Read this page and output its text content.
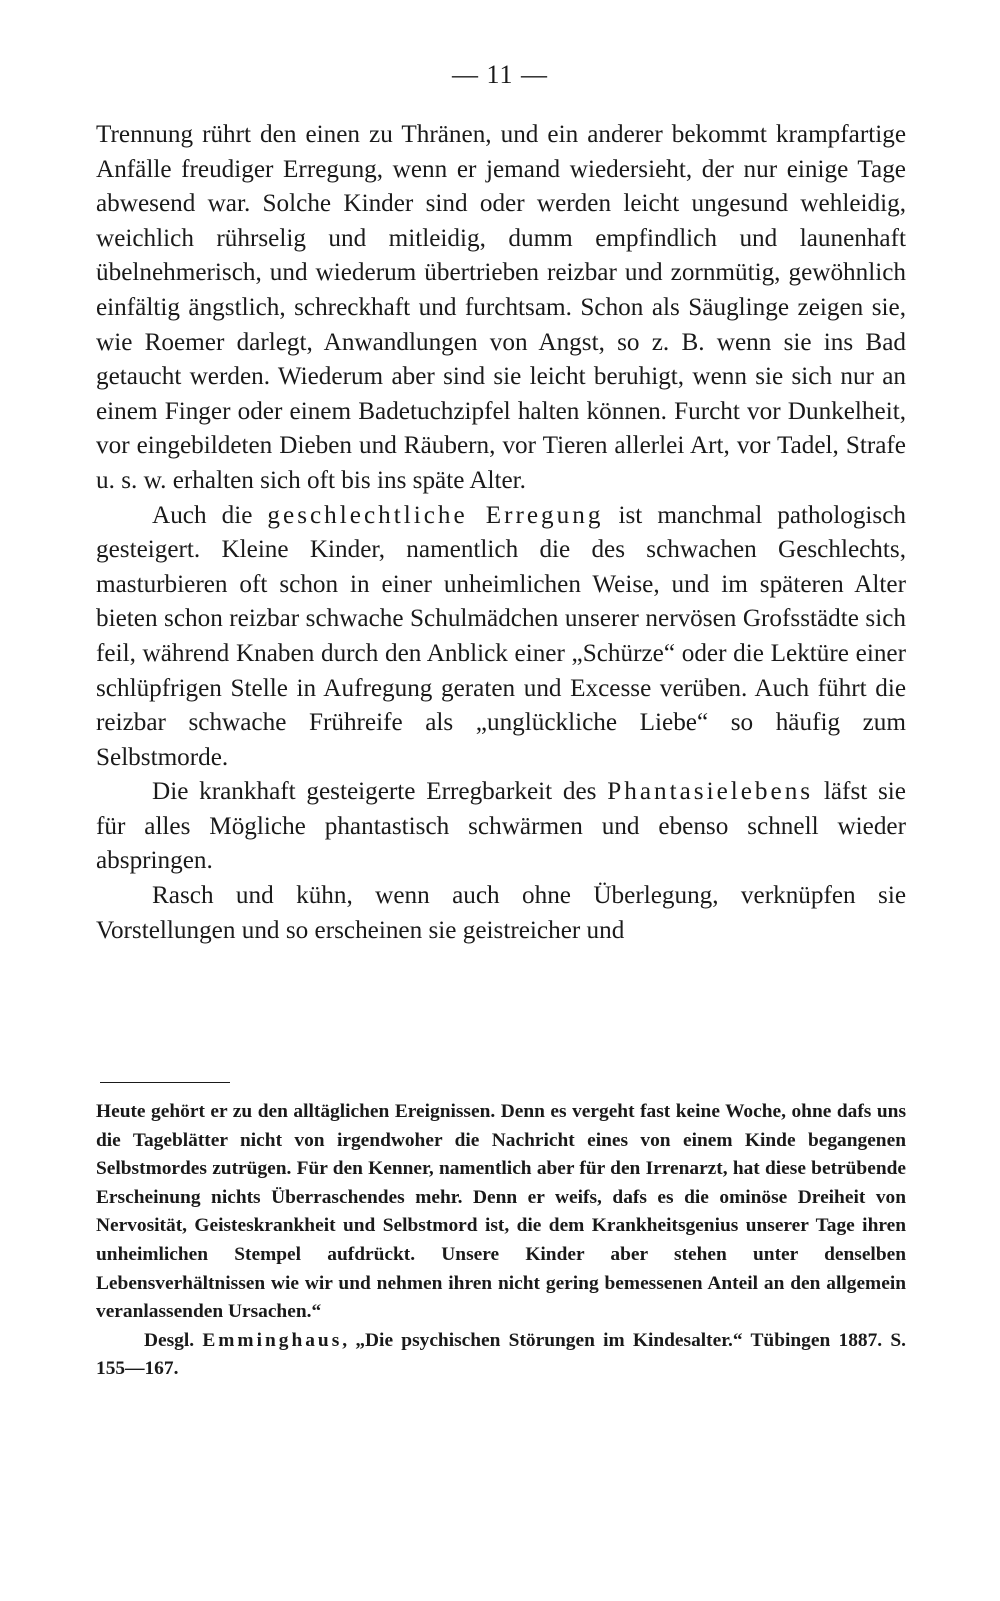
— 11 —

Trennung rührt den einen zu Thränen, und ein anderer bekommt krampfartige Anfälle freudiger Erregung, wenn er jemand wiedersieht, der nur einige Tage abwesend war. Solche Kinder sind oder werden leicht ungesund wehleidig, weichlich rührselig und mitleidig, dumm empfindlich und launenhaft übelnehmerisch, und wiederum übertrieben reizbar und zornmütig, gewöhnlich einfältig ängstlich, schreckhaft und furchtsam. Schon als Säuglinge zeigen sie, wie Roemer darlegt, Anwandlungen von Angst, so z. B. wenn sie ins Bad getaucht werden. Wiederum aber sind sie leicht beruhigt, wenn sie sich nur an einem Finger oder einem Badetuchzipfel halten können. Furcht vor Dunkelheit, vor eingebildeten Dieben und Räubern, vor Tieren allerlei Art, vor Tadel, Strafe u. s. w. erhalten sich oft bis ins späte Alter.

Auch die geschlechtliche Erregung ist manchmal pathologisch gesteigert. Kleine Kinder, namentlich die des schwachen Geschlechts, masturbieren oft schon in einer unheimlichen Weise, und im späteren Alter bieten schon reizbar schwache Schulmädchen unserer nervösen Grofsstädte sich feil, während Knaben durch den Anblick einer „Schürze“ oder die Lektüre einer schlüpfrigen Stelle in Aufregung geraten und Excesse verüben. Auch führt die reizbar schwache Frühreife als „unglückliche Liebe“ so häufig zum Selbstmorde.

Die krankhaft gesteigerte Erregbarkeit des Phantasielebens läfst sie für alles Mögliche phantastisch schwärmen und ebenso schnell wieder abspringen.

Rasch und kühn, wenn auch ohne Überlegung, verknüpfen sie Vorstellungen und so erscheinen sie geistreicher und

Heute gehört er zu den alltäglichen Ereignissen. Denn es vergeht fast keine Woche, ohne dafs uns die Tageblätter nicht von irgendwoher die Nachricht eines von einem Kinde begangenen Selbstmordes zutrügen. Für den Kenner, namentlich aber für den Irrenarzt, hat diese betrübende Erscheinung nichts Überraschendes mehr. Denn er weifs, dafs es die ominöse Dreiheit von Nervosität, Geisteskrankheit und Selbstmord ist, die dem Krankheitsgenius unserer Tage ihren unheimlichen Stempel aufdrückt. Unsere Kinder aber stehen unter denselben Lebensverhältnissen wie wir und nehmen ihren nicht gering bemessenen Anteil an den allgemein veranlassenden Ursachen.“

Desgl. Emminghaus, „Die psychischen Störungen im Kindesalter.“ Tübingen 1887. S. 155—167.
